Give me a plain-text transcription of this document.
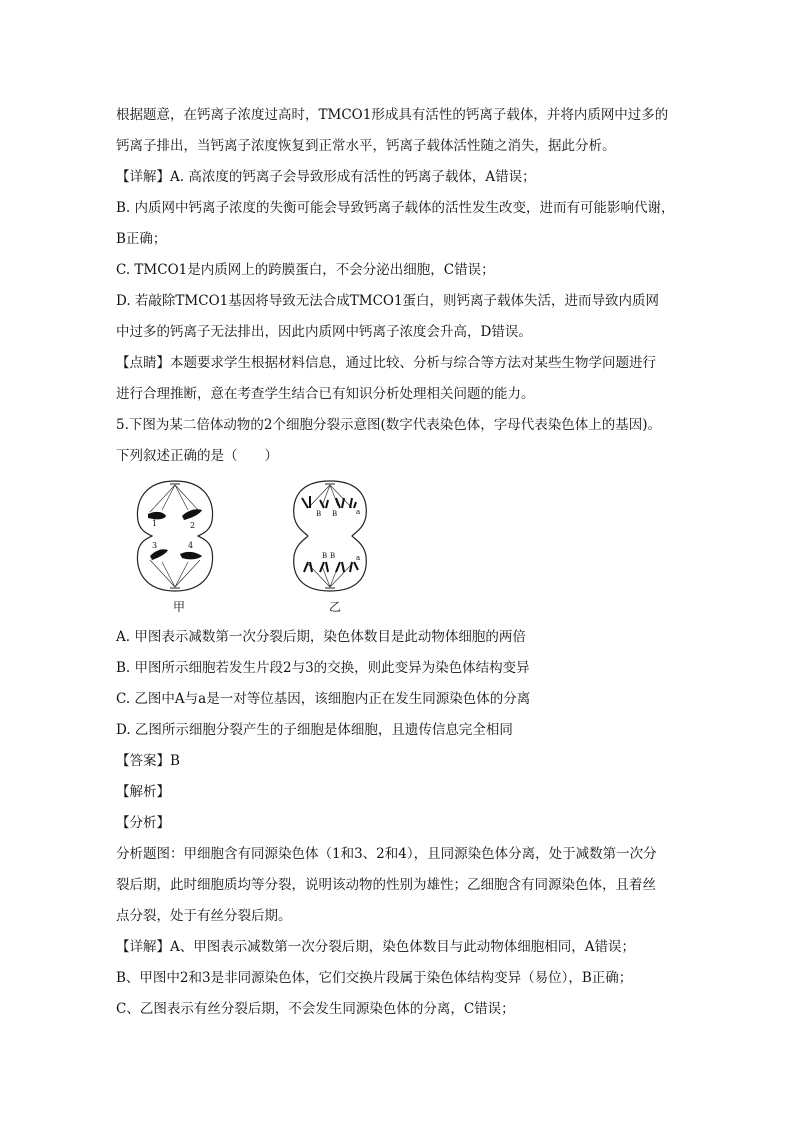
根据题意，在钙离子浓度过高时，TMCO1形成具有活性的钙离子载体，并将内质网中过多的

钙离子排出，当钙离子浓度恢复到正常水平，钙离子载体活性随之消失，据此分析。

【详解】A. 高浓度的钙离子会导致形成有活性的钙离子载体，A错误；

B. 内质网中钙离子浓度的失衡可能会导致钙离子载体的活性发生改变，进而有可能影响代谢，

B正确；

C. TMCO1是内质网上的跨膜蛋白，不会分泌出细胞，C错误；

D. 若敲除TMCO1基因将导致无法合成TMCO1蛋白，则钙离子载体失活，进而导致内质网

中过多的钙离子无法排出，因此内质网中钙离子浓度会升高，D错误。

【点睛】本题要求学生根据材料信息，通过比较、分析与综合等方法对某些生物学问题进行

进行合理推断，意在考查学生结合已有知识分析处理相关问题的能力。

5.下图为某二倍体动物的2个细胞分裂示意图(数字代表染色体，字母代表染色体上的基因)。

下列叙述正确的是（　　）

1	2
3	4
B B	a
B B	a
甲	乙

A. 甲图表示减数第一次分裂后期，染色体数目是此动物体细胞的两倍

B. 甲图所示细胞若发生片段2与3的交换，则此变异为染色体结构变异

C. 乙图中A与a是一对等位基因，该细胞内正在发生同源染色体的分离

D. 乙图所示细胞分裂产生的子细胞是体细胞，且遗传信息完全相同

【答案】B

【解析】

【分析】

分析题图：甲细胞含有同源染色体（1和3、2和4），且同源染色体分离，处于减数第一次分

裂后期，此时细胞质均等分裂，说明该动物的性别为雄性；乙细胞含有同源染色体，且着丝

点分裂，处于有丝分裂后期。

【详解】A、甲图表示减数第一次分裂后期，染色体数目与此动物体细胞相同，A错误；

B、甲图中2和3是非同源染色体，它们交换片段属于染色体结构变异（易位），B正确；

C、乙图表示有丝分裂后期，不会发生同源染色体的分离，C错误；
